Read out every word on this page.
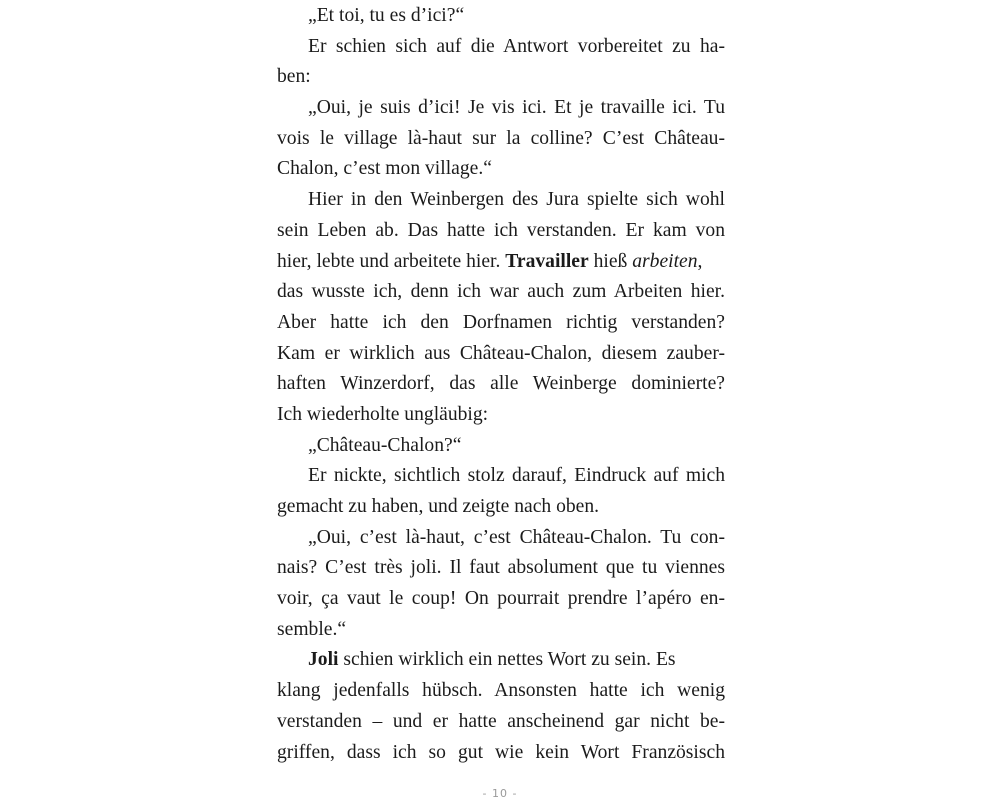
„Et toi, tu es d’ici?“
Er schien sich auf die Antwort vorbereitet zu ha-
ben:
„Oui, je suis d’ici! Je vis ici. Et je travaille ici. Tu
vois le village là-haut sur la colline? C’est Château-
Chalon, c’est mon village.“
Hier in den Weinbergen des Jura spielte sich wohl
sein Leben ab. Das hatte ich verstanden. Er kam von
hier, lebte und arbeitete hier. Travailler hieß arbeiten,
das wusste ich, denn ich war auch zum Arbeiten hier.
Aber hatte ich den Dorfnamen richtig verstanden?
Kam er wirklich aus Château-Chalon, diesem zauber-
haften Winzerdorf, das alle Weinberge dominierte?
Ich wiederholte ungläubig:
„Château-Chalon?“
Er nickte, sichtlich stolz darauf, Eindruck auf mich
gemacht zu haben, und zeigte nach oben.
„Oui, c’est là-haut, c’est Château-Chalon. Tu con-
nais? C’est très joli. Il faut absolument que tu viennes
voir, ça vaut le coup! On pourrait prendre l’apéro en-
semble.“
Joli schien wirklich ein nettes Wort zu sein. Es
klang jedenfalls hübsch. Ansonsten hatte ich wenig
verstanden – und er hatte anscheinend gar nicht be-
griffen, dass ich so gut wie kein Wort Französisch
- 10 -
